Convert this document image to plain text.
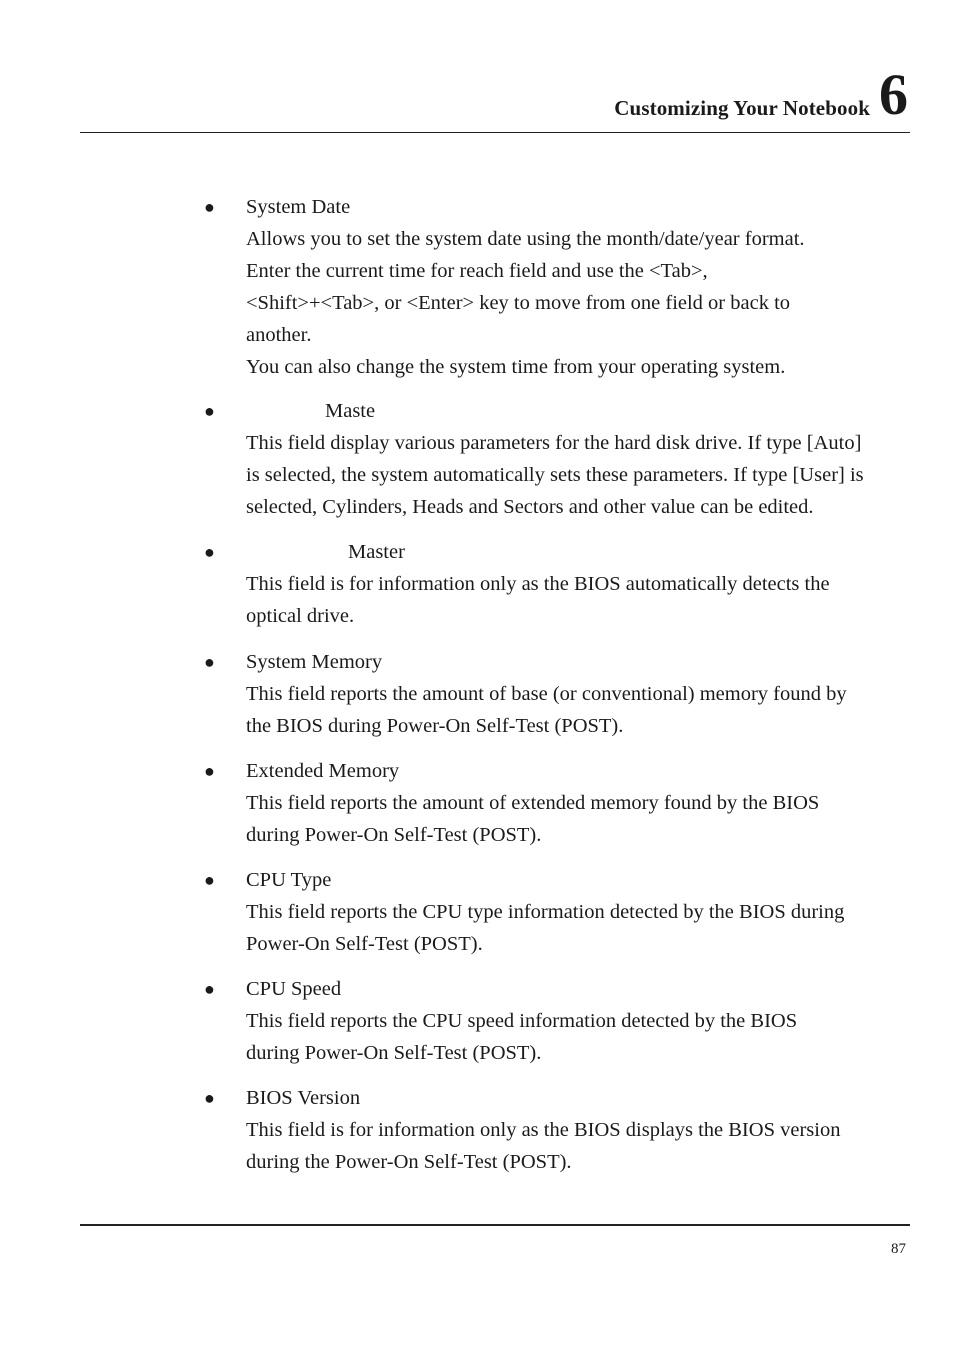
Customizing Your Notebook 6
● System Date
Allows you to set the system date using the month/date/year format.
Enter the current time for reach field and use the <Tab>,
<Shift>+<Tab>, or <Enter> key to move from one field or back to
another.
You can also change the system time from your operating system.
●	Maste
This field display various parameters for the hard disk drive. If type [Auto]
is selected, the system automatically sets these parameters. If type [User] is
selected, Cylinders, Heads and Sectors and other value can be edited.
●	Master
This field is for information only as the BIOS automatically detects the
optical drive.
● System Memory
This field reports the amount of base (or conventional) memory found by
the BIOS during Power-On Self-Test (POST).
● Extended Memory
This field reports the amount of extended memory found by the BIOS
during Power-On Self-Test (POST).
● CPU Type
This field reports the CPU type information detected by the BIOS during
Power-On Self-Test (POST).
● CPU Speed
This field reports the CPU speed information detected by the BIOS
during Power-On Self-Test (POST).
● BIOS Version
This field is for information only as the BIOS displays the BIOS version
during the Power-On Self-Test (POST).
87
